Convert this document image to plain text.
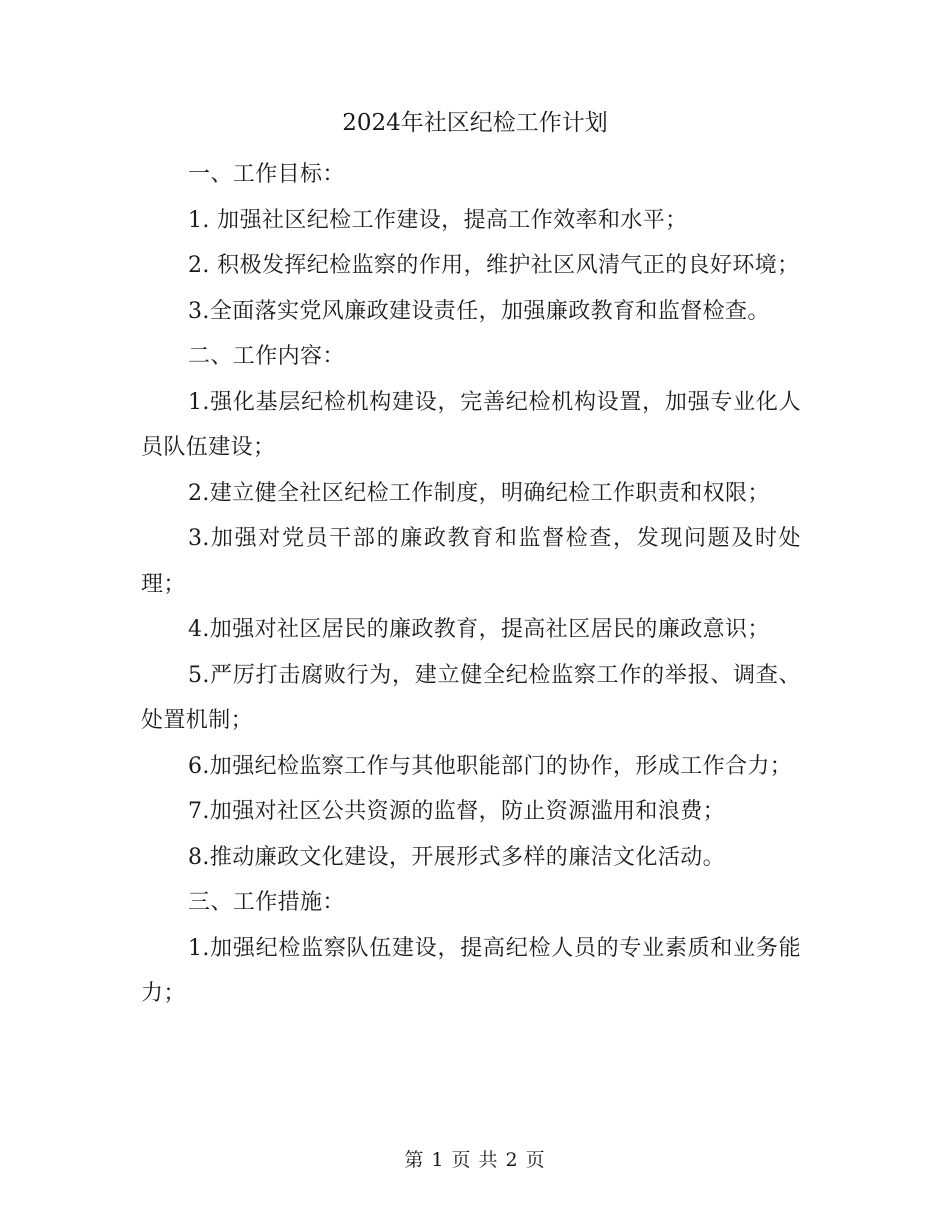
2024年社区纪检工作计划

一、工作目标：

1. 加强社区纪检工作建设，提高工作效率和水平；

2. 积极发挥纪检监察的作用，维护社区风清气正的良好环境；

3.全面落实党风廉政建设责任，加强廉政教育和监督检查。

二、工作内容：

1.强化基层纪检机构建设，完善纪检机构设置，加强专业化人员队伍建设；

2.建立健全社区纪检工作制度，明确纪检工作职责和权限；

3.加强对党员干部的廉政教育和监督检查，发现问题及时处理；

4.加强对社区居民的廉政教育，提高社区居民的廉政意识；

5.严厉打击腐败行为，建立健全纪检监察工作的举报、调查、处置机制；

6.加强纪检监察工作与其他职能部门的协作，形成工作合力；

7.加强对社区公共资源的监督，防止资源滥用和浪费；

8.推动廉政文化建设，开展形式多样的廉洁文化活动。

三、工作措施：

1.加强纪检监察队伍建设，提高纪检人员的专业素质和业务能力；

第 1 页 共 2 页
